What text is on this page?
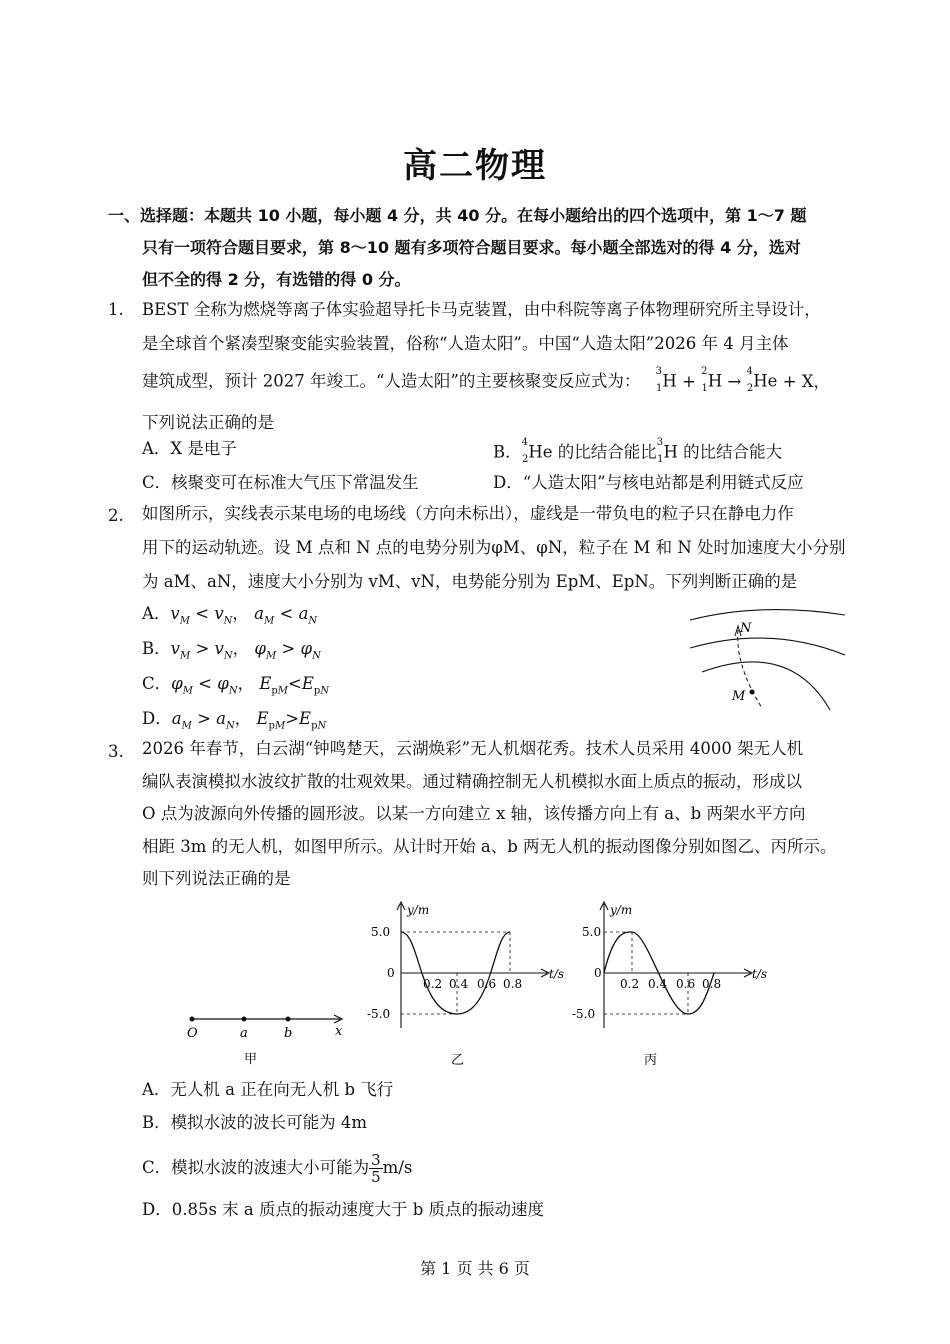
高二物理
一、选择题：本题共 10 小题，每小题 4 分，共 40 分。在每小题给出的四个选项中，第 1～7 题
只有一项符合题目要求，第 8～10 题有多项符合题目要求。每小题全部选对的得 4 分，选对
但不全的得 2 分，有选错的得 0 分。
1. BEST 全称为燃烧等离子体实验超导托卡马克装置，由中科院等离子体物理研究所主导设计，
是全球首个紧凑型聚变能实验装置，俗称“人造太阳”。中国“人造太阳”2026 年 4 月主体
建筑成型，预计 2027 年竣工。“人造太阳”的主要核聚变反应式为： $^3_1$H + $^2_1$H → $^4_2$He + X，
下列说法正确的是
A．X 是电子	B．$^4_2$He 的比结合能比$^3_1$H 的比结合能大
C．核聚变可在标准大气压下常温发生	D．“人造太阳”与核电站都是利用链式反应
2. 如图所示，实线表示某电场的电场线（方向未标出），虚线是一带负电的粒子只在静电力作
用下的运动轨迹。设 M 点和 N 点的电势分别为φM、φN，粒子在 M 和 N 处时加速度大小分别
为 aM、aN，速度大小分别为 vM、vN，电势能分别为 EpM、EpN。下列判断正确的是
A．$v_M < v_N$， $a_M < a_N$
B．$v_M > v_N$， $\varphi_M > \varphi_N$
C．$\varphi_M < \varphi_N$， $E_{pM}<E_{pN}$
D．$a_M > a_N$， $E_{pM}>E_{pN}$
N
M
3. 2026 年春节，白云湖“钟鸣楚天，云湖焕彩”无人机烟花秀。技术人员采用 4000 架无人机
编队表演模拟水波纹扩散的壮观效果。通过精确控制无人机模拟水面上质点的振动，形成以
O 点为波源向外传播的圆形波。以某一方向建立 x 轴，该传播方向上有 a、b 两架水平方向
相距 3m 的无人机，如图甲所示。从计时开始 a、b 两无人机的振动图像分别如图乙、丙所示。
则下列说法正确的是
O	a	b	x
甲
y/m
t/s
5.0
0
-5.0
0.2 0.4 0.6 0.8
乙
y/m
t/s
5.0
0
-5.0
0.2 0.4 0.6 0.8
丙
A．无人机 a 正在向无人机 b 飞行
B．模拟水波的波长可能为 4m
C．模拟水波的波速大小可能为 $\frac{3}{5} m/s$
D．0.85s 末 a 质点的振动速度大于 b 质点的振动速度
第 1 页 共 6 页
